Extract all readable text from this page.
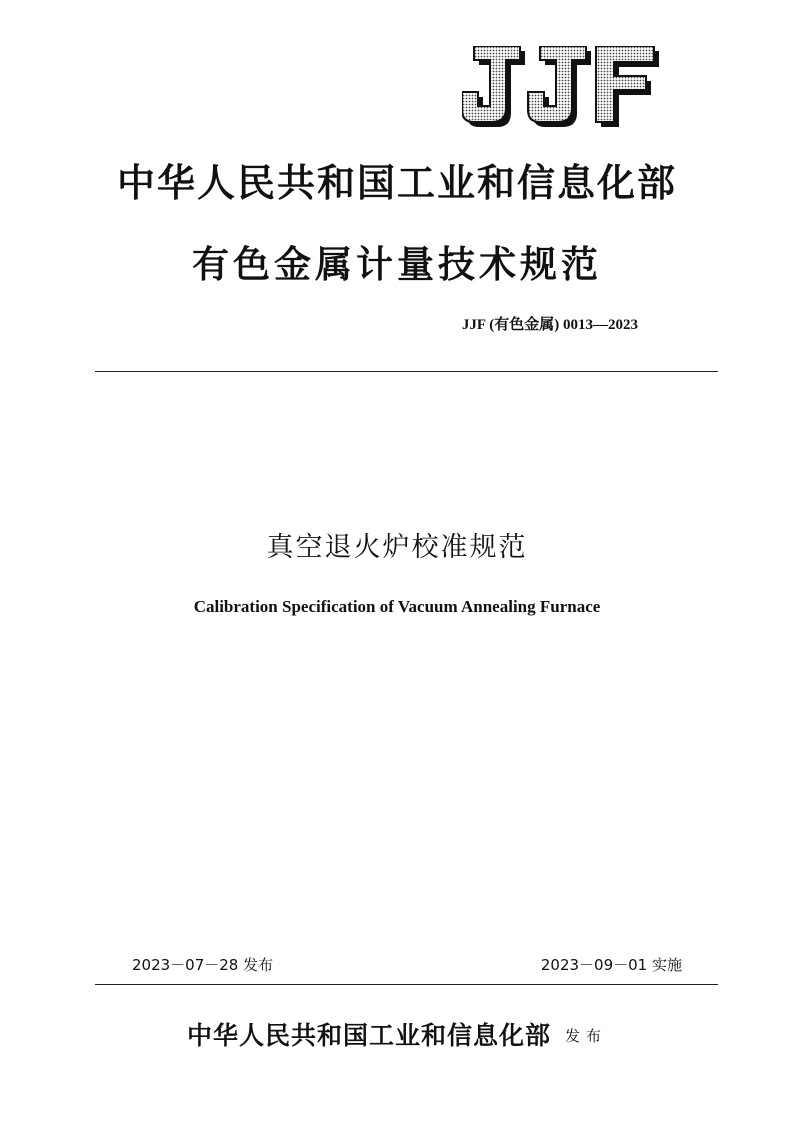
中华人民共和国工业和信息化部
有色金属计量技术规范
JJF (有色金属) 0013—2023
真空退火炉校准规范
Calibration Specification of Vacuum Annealing Furnace
2023－07－28 发布	2023－09－01 实施
中华人民共和国工业和信息化部 发布
